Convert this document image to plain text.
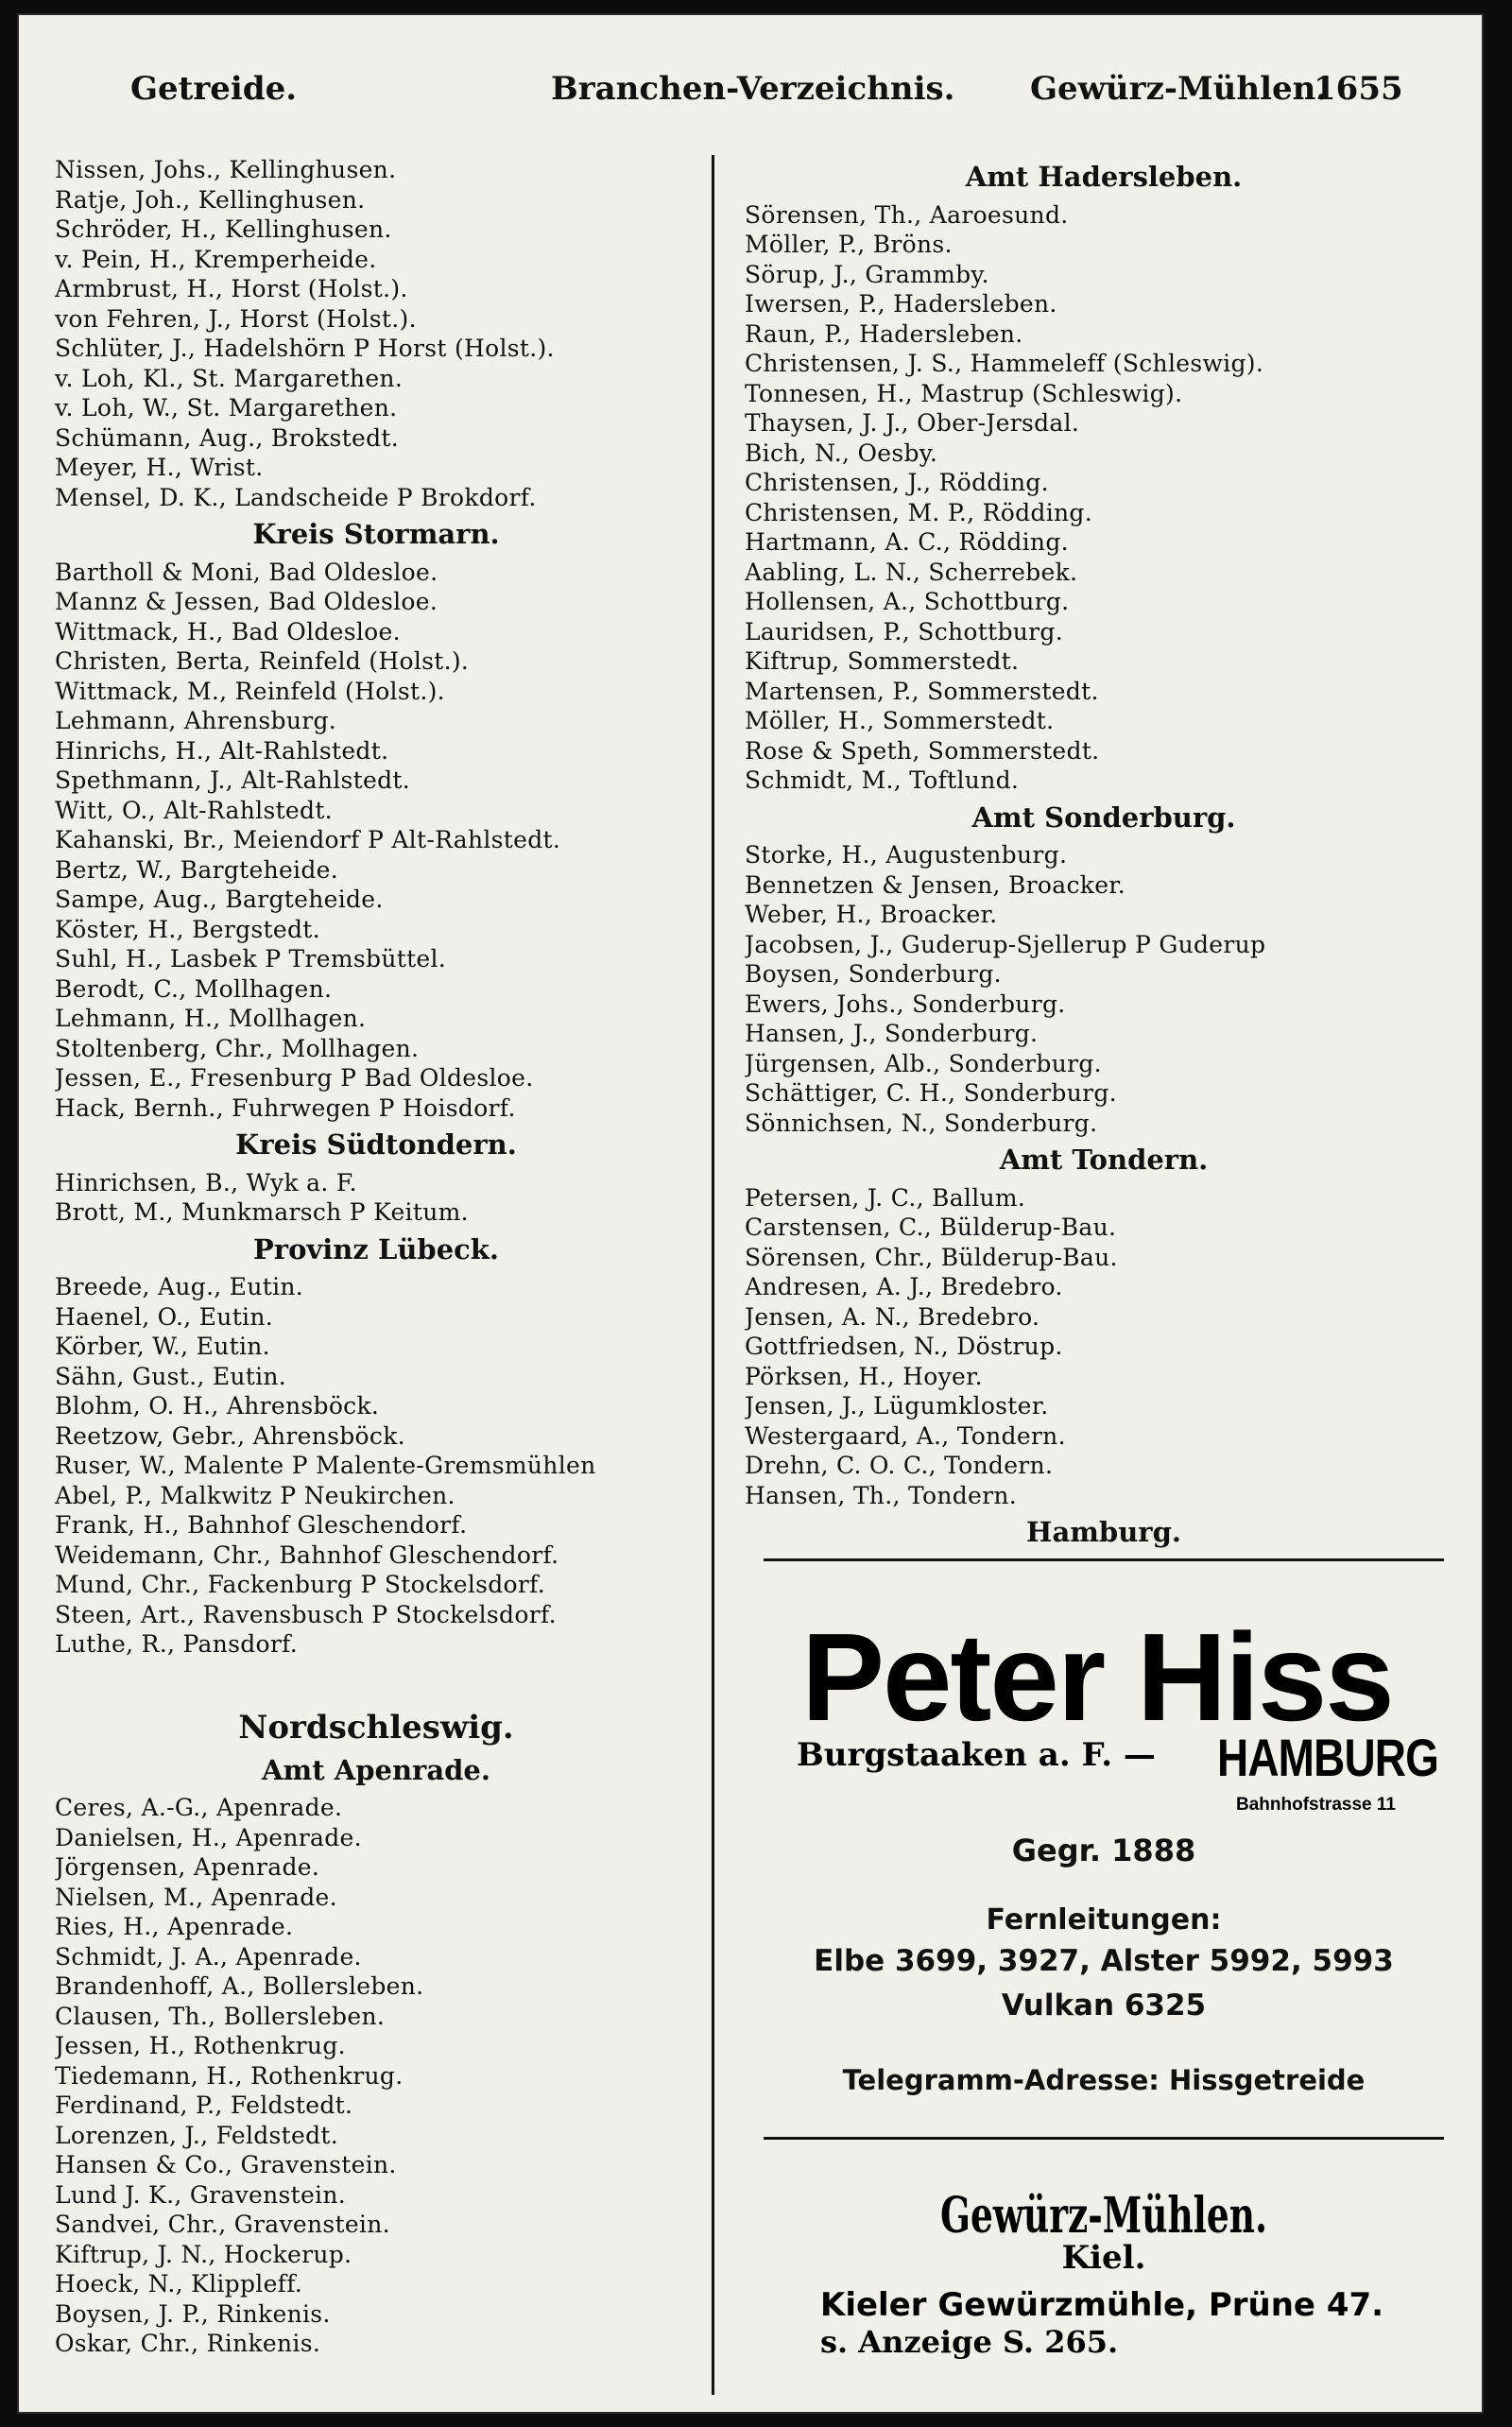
Getreide.	Branchen-Verzeichnis. Gewürz-Mühlen.
1655
Nissen, Johs., Kellinghusen.
Ratje, Joh., Kellinghusen.
Schröder, H., Kellinghusen.
v. Pein, H., Kremperheide.
Armbrust, H., Horst (Holst.).
von Fehren, J., Horst (Holst.).
Schlüter, J., Hadelshörn P Horst (Holst.).
v. Loh, Kl., St. Margarethen.
v. Loh, W., St. Margarethen.
Schümann, Aug., Brokstedt.
Meyer, H., Wrist.
Mensel, D. K., Landscheide P Brokdorf.
Kreis Stormarn.
Bartholl & Moni, Bad Oldesloe.
Mannz & Jessen, Bad Oldesloe.
Wittmack, H., Bad Oldesloe.
Christen, Berta, Reinfeld (Holst.).
Wittmack, M., Reinfeld (Holst.).
Lehmann, Ahrensburg.
Hinrichs, H., Alt-Rahlstedt.
Spethmann, J., Alt-Rahlstedt.
Witt, O., Alt-Rahlstedt.
Kahanski, Br., Meiendorf P Alt-Rahlstedt.
Bertz, W., Bargteheide.
Sampe, Aug., Bargteheide.
Köster, H., Bergstedt.
Suhl, H., Lasbek P Tremsbüttel.
Berodt, C., Mollhagen.
Lehmann, H., Mollhagen.
Stoltenberg, Chr., Mollhagen.
Jessen, E., Fresenburg P Bad Oldesloe.
Hack, Bernh., Fuhrwegen P Hoisdorf.
Kreis Südtondern.
Hinrichsen, B., Wyk a. F.
Brott, M., Munkmarsch P Keitum.
Provinz Lübeck.
Breede, Aug., Eutin.
Haenel, O., Eutin.
Körber, W., Eutin.
Sähn, Gust., Eutin.
Blohm, O. H., Ahrensböck.
Reetzow, Gebr., Ahrensböck.
Ruser, W., Malente P Malente-Gremsmühlen
Abel, P., Malkwitz P Neukirchen.
Frank, H., Bahnhof Gleschendorf.
Weidemann, Chr., Bahnhof Gleschendorf.
Mund, Chr., Fackenburg P Stockelsdorf.
Steen, Art., Ravensbusch P Stockelsdorf.
Luthe, R., Pansdorf.
Nordschleswig.
Amt Apenrade.
Ceres, A.-G., Apenrade.
Danielsen, H., Apenrade.
Jörgensen, Apenrade.
Nielsen, M., Apenrade.
Ries, H., Apenrade.
Schmidt, J. A., Apenrade.
Brandenhoff, A., Bollersleben.
Clausen, Th., Bollersleben.
Jessen, H., Rothenkrug.
Tiedemann, H., Rothenkrug.
Ferdinand, P., Feldstedt.
Lorenzen, J., Feldstedt.
Hansen & Co., Gravenstein.
Lund J. K., Gravenstein.
Sandvei, Chr., Gravenstein.
Kiftrup, J. N., Hockerup.
Hoeck, N., Klippleff.
Boysen, J. P., Rinkenis.
Oskar, Chr., Rinkenis.
Amt Hadersleben.
Sörensen, Th., Aaroesund.
Möller, P., Bröns.
Sörup, J., Grammby.
Iwersen, P., Hadersleben.
Raun, P., Hadersleben.
Christensen, J. S., Hammeleff (Schleswig).
Tonnesen, H., Mastrup (Schleswig).
Thaysen, J. J., Ober-Jersdal.
Bich, N., Oesby.
Christensen, J., Rödding.
Christensen, M. P., Rödding.
Hartmann, A. C., Rödding.
Aabling, L. N., Scherrebek.
Hollensen, A., Schottburg.
Lauridsen, P., Schottburg.
Kiftrup, Sommerstedt.
Martensen, P., Sommerstedt.
Möller, H., Sommerstedt.
Rose & Speth, Sommerstedt.
Schmidt, M., Toftlund.
Amt Sonderburg.
Storke, H., Augustenburg.
Bennetzen & Jensen, Broacker.
Weber, H., Broacker.
Jacobsen, J., Guderup-Sjellerup P Guderup
Boysen, Sonderburg.
Ewers, Johs., Sonderburg.
Hansen, J., Sonderburg.
Jürgensen, Alb., Sonderburg.
Schättiger, C. H., Sonderburg.
Sönnichsen, N., Sonderburg.
Amt Tondern.
Petersen, J. C., Ballum.
Carstensen, C., Bülderup-Bau.
Sörensen, Chr., Bülderup-Bau.
Andresen, A. J., Bredebro.
Jensen, A. N., Bredebro.
Gottfriedsen, N., Döstrup.
Pörksen, H., Hoyer.
Jensen, J., Lügumkloster.
Westergaard, A., Tondern.
Drehn, C. O. C., Tondern.
Hansen, Th., Tondern.
Hamburg.
Peter Hiss
Burgstaaken a. F. — HAMBURG
Bahnhofstrasse 11
Gegr. 1888
Fernleitungen:
Elbe 3699, 3927, Alster 5992, 5993
Vulkan 6325
Telegramm-Adresse: Hissgetreide
Gewürz-Mühlen.
Kiel.
Kieler Gewürzmühle, Prüne 47.
s. Anzeige S. 265.
